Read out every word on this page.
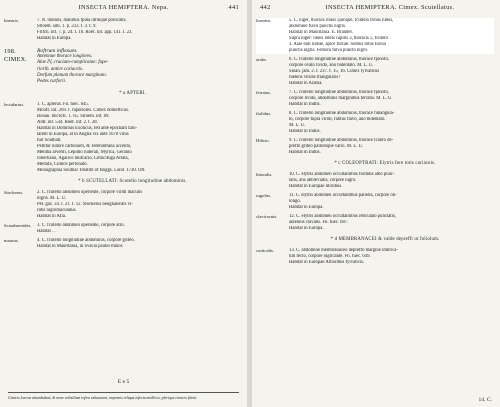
INSECTA HEMIPTERA. Nepa.	441
linearis.	7. N. linearis, manibus fpina utrinque pollicatis.
Stroem. sibl. 1. p. 233. t. 3. f. 9.
Frifch. inf. 7. p. 24. t. 16. Roef. inf. app. 141. t. 23.
Habitat in Europa.
198. CIMEX.
Roftrum inflexum.
Antennae thorace longiores.
Alae IV, cruciato-complicatae: fupe-
riorib. antice coriaceis.
Dorfum planum thorace marginato.
Pedes curforii.
* a APTERI.
lectularius.	1. C. apterus. Fn. fuec. 645.
Mouff. inf. 269. f. fuperiores. Cimex domefticus.
Bonan. microfc. 1. 65. Stroem. inf. 89.
Aldr. inf. 534. Roef. inf. 2. t. 28.
Habitat in Domibus Exoticus, fed ante epocham falu-
tarem in Europa, at in Anglia vix ante 1670 vifus
fuit Southall.
Pellitur nidore carbonum, & Terebinthina accenfo,
Mentha arvenfi, Lepidio ruderali, Myrica, Geranio
robertiano, Agarico mufcario, Cimicifuga Alfata,
Medufa, Cimice perfonato.
Monographia Southal Treatife of Buggs. Lond. 1730. Oft.
* b SCUTELLATI: Scutello longitudine abdominis.
Stockerus.	2. C. fcutello abdomen operiente, corpore viridi maculis
nigris. M. L. U.
Pet. gaz. 34. t. 21. f. 12. Stockerus benghalenfis vi-
ridis nigromaculatus.
Habitat in Afia.
Scarabaeoides.	3. C. fcutello abdomen operiente, corpore atro.
Habitat . .
maurus.	4. C. fcutello longitudine abdominis, corpore grifeo.
Habitat in Mauritania, in Svecia paullo minor.
E e 5
Cimicis Larvae ahumbulant, & more volotilium rofira exhauriunt, imprimis reliqua infecta mollicra; plerique cimices fetent.
442	INSECTA HEMIPTERA. Cimex. Scutellatus.
lineatus.	5. C. niger, thorace lineis quinque, fcutello tribus luteis,
abdomine flavo punctis nigris.
Habitat in Mauritania. E. Brander.
Supra niger: lineis luteis capitis 3, thoracis 5, fcutelli
3. Alae bafi luteae, apice fufcae. Subtus totus flavus
punctis nigris. Femora fulva puncto nigro.
arabs.	6. C. fcutello longitudine abdominis, thorace fpinofo,
corpore ovato livido, ano bidentato. M. L. U.
Sloan. jam. 2. t. 237. f. 15, 16. Cimex fylvaticus
fuetens viridis triangularis?
Habitat in Arabia.
ferratus.	7. C. fcutello longitudine abdominis, thorace fpinofo,
corpore livido, abdominis marginibus ferratis. M. L. U.
Habitat in Indiis.
ftolidus.	8. C. fcutello longitudine abdominis, thorace fubangula-
to, corpore fupra viridi, fubtus flavo, ano bidentato.
M. L. U.
Habitat in Indiis.
Hiftrio.	9. C. fcutello longitudine abdominis, thorace fcabro de-
preffo grifeo pallidoque vario. M. L. U.
Habitat in Indiis.
* c COLEOPTRATI: Elytris fere totis coriaceis.
littoralis.	10. C. elytris abdomen occultantibus fordidis albo punc-
tatis, alis abbreviatis, corpore nigro.
Habitat in Europae litoribus.
rugofus.	11. C. elytris abdomen occultantibus pallidis, corpore ob-
longo.
Habitat in Europa.
clavicornis.	12. C. elytris abdomen occultantibus reticulato punctatis,
antennis clavatis. Fn. fuec. 687.
Habitat in Europa.
* d MEMBRANACEI & valde depreffi ut foliolum.
corticalis.	13. C. abdomine membranaceo depreffo margine imbrica-
tim fecto, corpore nigricante. Fn. fuec. 649.
Habitat in Europae Arboribus fylvaticis.
14. C.
